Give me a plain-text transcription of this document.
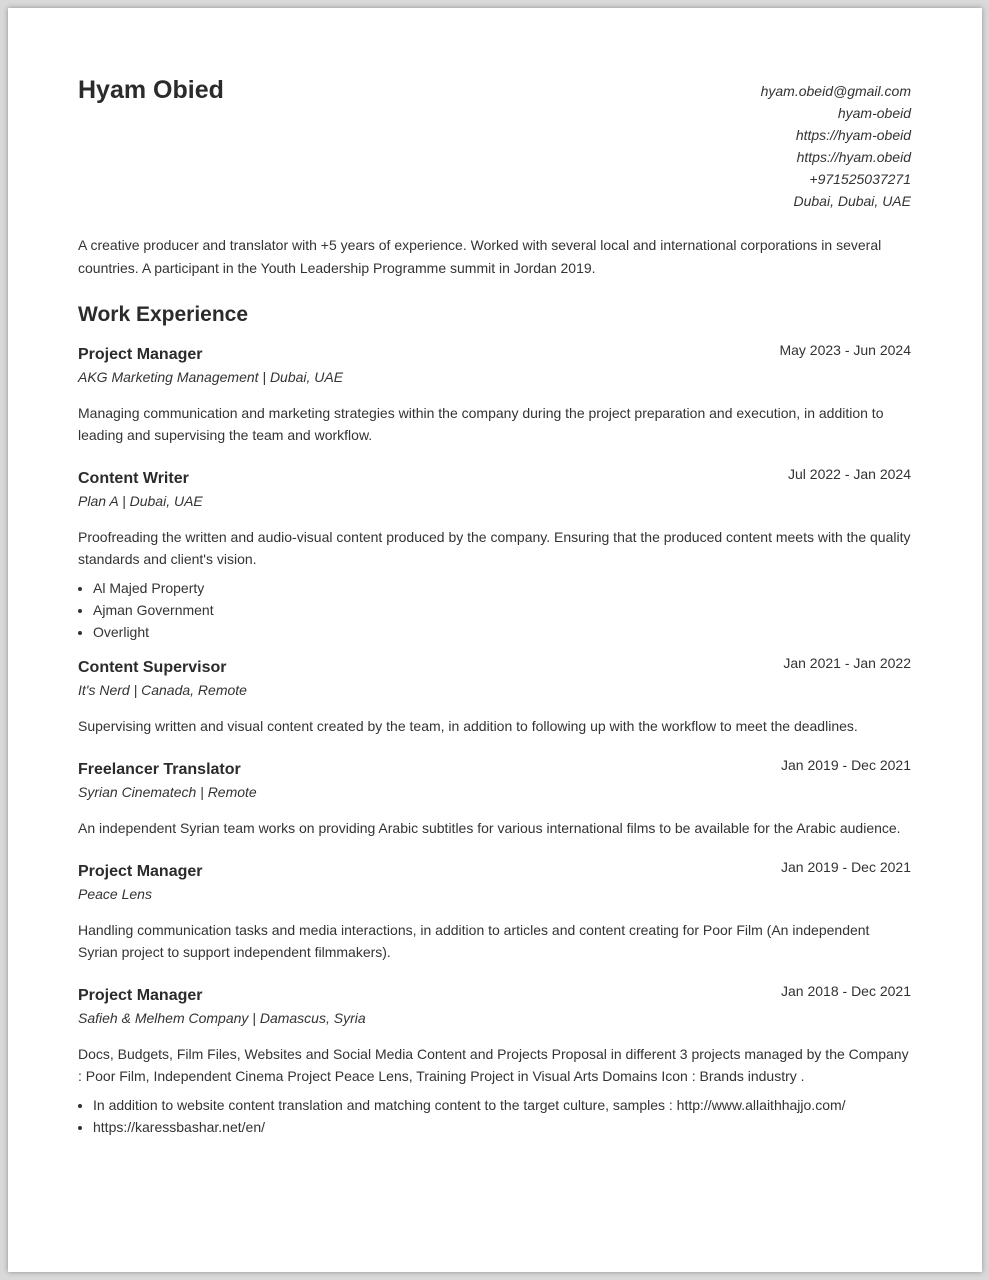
Hyam Obied	hyam.obeid@gmail.com
hyam-obeid
https://hyam-obeid
https://hyam.obeid
+971525037271
Dubai, Dubai, UAE

A creative producer and translator with +5 years of experience. Worked with several local and international corporations in several countries. A participant in the Youth Leadership Programme summit in Jordan 2019.

Work Experience
Project Manager	May 2023 - Jun 2024
AKG Marketing Management | Dubai, UAE

Managing communication and marketing strategies within the company during the project preparation and execution, in addition to leading and supervising the team and workflow.

Content Writer	Jul 2022 - Jan 2024
Plan A | Dubai, UAE

Proofreading the written and audio-visual content produced by the company. Ensuring that the produced content meets with the quality standards and client's vision.

• Al Majed Property
• Ajman Government
• Overlight
Content Supervisor	Jan 2021 - Jan 2022
It's Nerd | Canada, Remote

Supervising written and visual content created by the team, in addition to following up with the workflow to meet the deadlines.

Freelancer Translator	Jan 2019 - Dec 2021
Syrian Cinematech | Remote

An independent Syrian team works on providing Arabic subtitles for various international films to be available for the Arabic audience.

Project Manager	Jan 2019 - Dec 2021
Peace Lens

Handling communication tasks and media interactions, in addition to articles and content creating for Poor Film (An independent Syrian project to support independent filmmakers).

Project Manager	Jan 2018 - Dec 2021
Safieh & Melhem Company | Damascus, Syria

Docs, Budgets, Film Files, Websites and Social Media Content and Projects Proposal in different 3 projects managed by the Company : Poor Film, Independent Cinema Project Peace Lens, Training Project in Visual Arts Domains Icon : Brands industry .

• In addition to website content translation and matching content to the target culture, samples : http://www.allaithhajjo.com/
• https://karessbashar.net/en/
